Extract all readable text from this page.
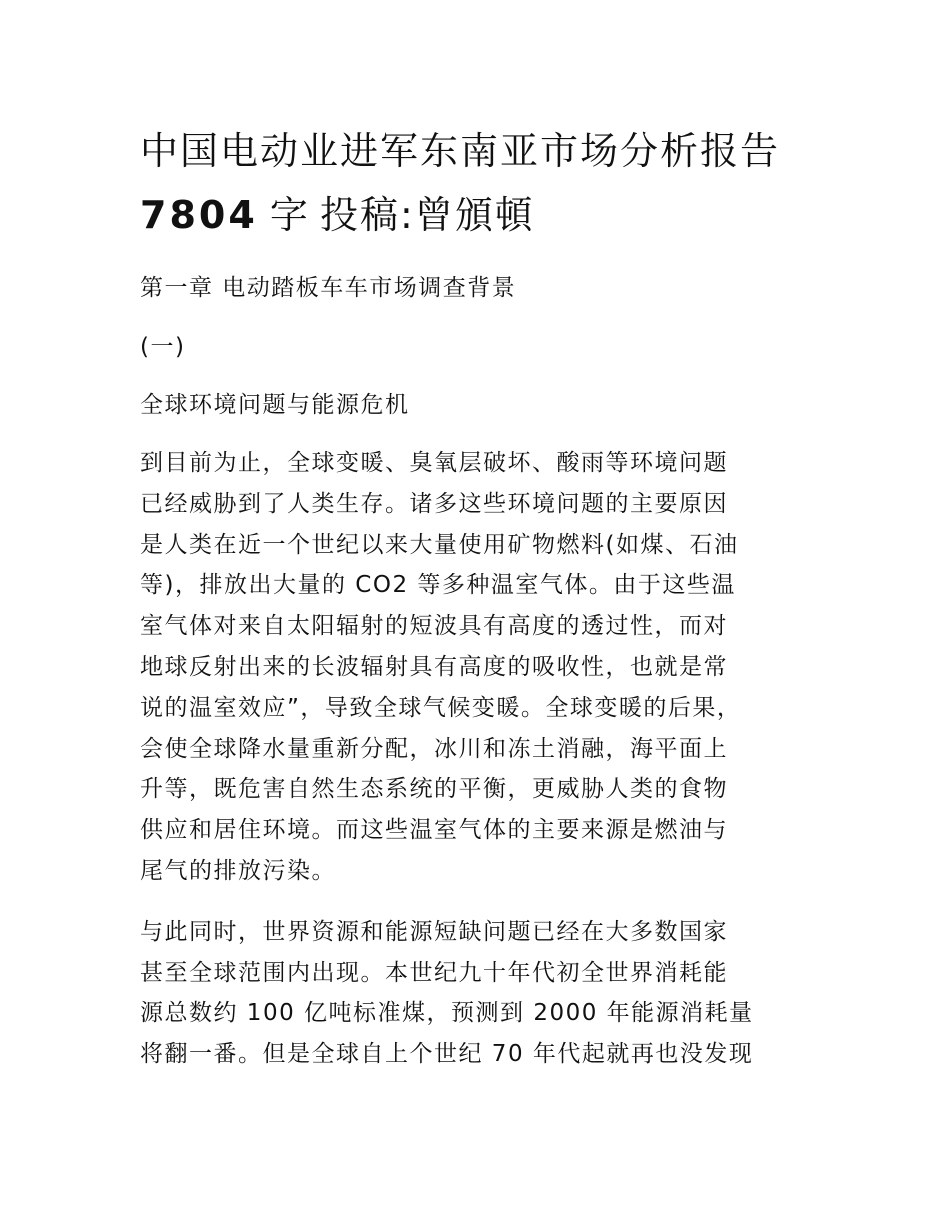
中国电动业进军东南亚市场分析报告
7804 字 投稿:曾頒頓

第一章 电动踏板车车市场调查背景

(一)

全球环境问题与能源危机

到目前为止，全球变暖、臭氧层破坏、酸雨等环境问题

已经威胁到了人类生存。诸多这些环境问题的主要原因

是人类在近一个世纪以来大量使用矿物燃料(如煤、石油

等)，排放出大量的 CO2 等多种温室气体。由于这些温

室气体对来自太阳辐射的短波具有高度的透过性，而对

地球反射出来的长波辐射具有高度的吸收性，也就是常

说的温室效应”，导致全球气候变暖。全球变暖的后果，

会使全球降水量重新分配，冰川和冻土消融，海平面上

升等，既危害自然生态系统的平衡，更威胁人类的食物

供应和居住环境。而这些温室气体的主要来源是燃油与

尾气的排放污染。

与此同时，世界资源和能源短缺问题已经在大多数国家

甚至全球范围内出现。本世纪九十年代初全世界消耗能

源总数约 100 亿吨标准煤，预测到 2000 年能源消耗量

将翻一番。但是全球自上个世纪 70 年代起就再也没发现
